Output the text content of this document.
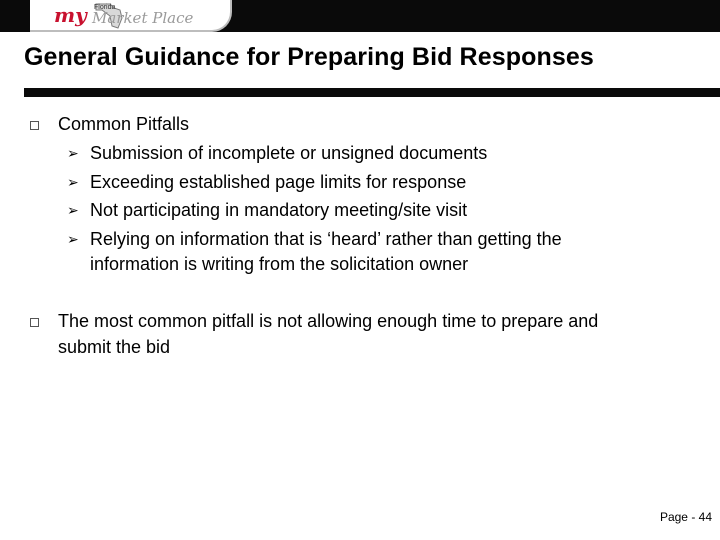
my Florida
Market Place
General Guidance for Preparing Bid Responses
Common Pitfalls
➢ Submission of incomplete or unsigned documents
➢ Exceeding established page limits for response
➢ Not participating in mandatory meeting/site visit
➢ Relying on information that is ‘heard’ rather than getting the
information is writing from the solicitation owner
The most common pitfall is not allowing enough time to prepare and
submit the bid
Page - 44
